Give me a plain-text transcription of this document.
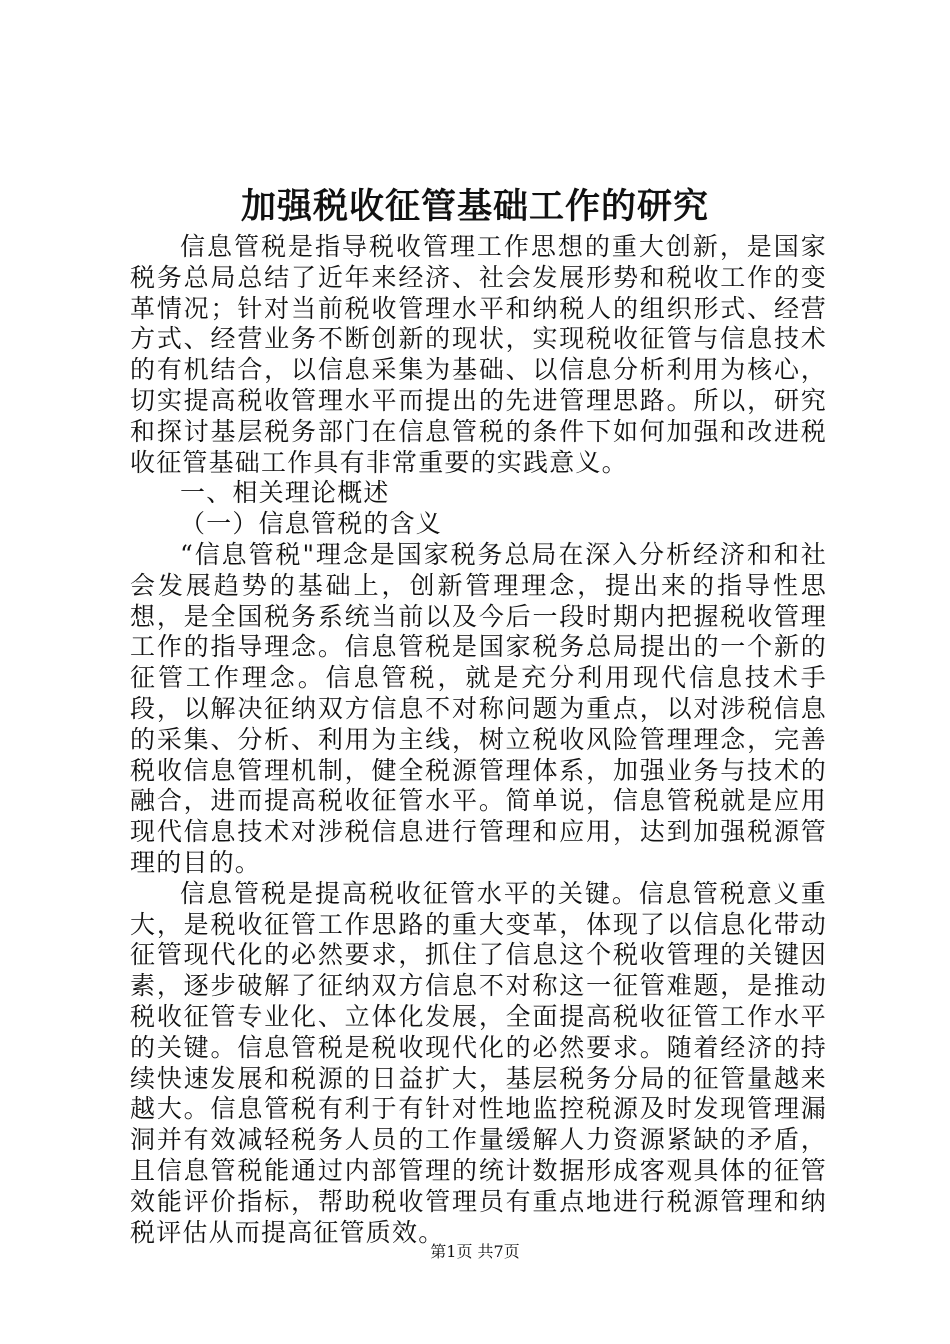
加强税收征管基础工作的研究

信息管税是指导税收管理工作思想的重大创新，是国家税务总局总结了近年来经济、社会发展形势和税收工作的变革情况；针对当前税收管理水平和纳税人的组织形式、经营方式、经营业务不断创新的现状，实现税收征管与信息技术的有机结合，以信息采集为基础、以信息分析利用为核心，切实提高税收管理水平而提出的先进管理思路。所以，研究和探讨基层税务部门在信息管税的条件下如何加强和改进税收征管基础工作具有非常重要的实践意义。

一、相关理论概述

（一）信息管税的含义

“信息管税"理念是国家税务总局在深入分析经济和和社会发展趋势的基础上，创新管理理念，提出来的指导性思想，是全国税务系统当前以及今后一段时期内把握税收管理工作的指导理念。信息管税是国家税务总局提出的一个新的征管工作理念。信息管税，就是充分利用现代信息技术手段，以解决征纳双方信息不对称问题为重点，以对涉税信息的采集、分析、利用为主线，树立税收风险管理理念，完善税收信息管理机制，健全税源管理体系，加强业务与技术的融合，进而提高税收征管水平。简单说，信息管税就是应用现代信息技术对涉税信息进行管理和应用，达到加强税源管理的目的。

信息管税是提高税收征管水平的关键。信息管税意义重大，是税收征管工作思路的重大变革，体现了以信息化带动征管现代化的必然要求，抓住了信息这个税收管理的关键因素，逐步破解了征纳双方信息不对称这一征管难题，是推动税收征管专业化、立体化发展，全面提高税收征管工作水平的关键。信息管税是税收现代化的必然要求。随着经济的持续快速发展和税源的日益扩大，基层税务分局的征管量越来越大。信息管税有利于有针对性地监控税源及时发现管理漏洞并有效减轻税务人员的工作量缓解人力资源紧缺的矛盾，且信息管税能通过内部管理的统计数据形成客观具体的征管效能评价指标，帮助税收管理员有重点地进行税源管理和纳税评估从而提高征管质效。

第1页 共7页
